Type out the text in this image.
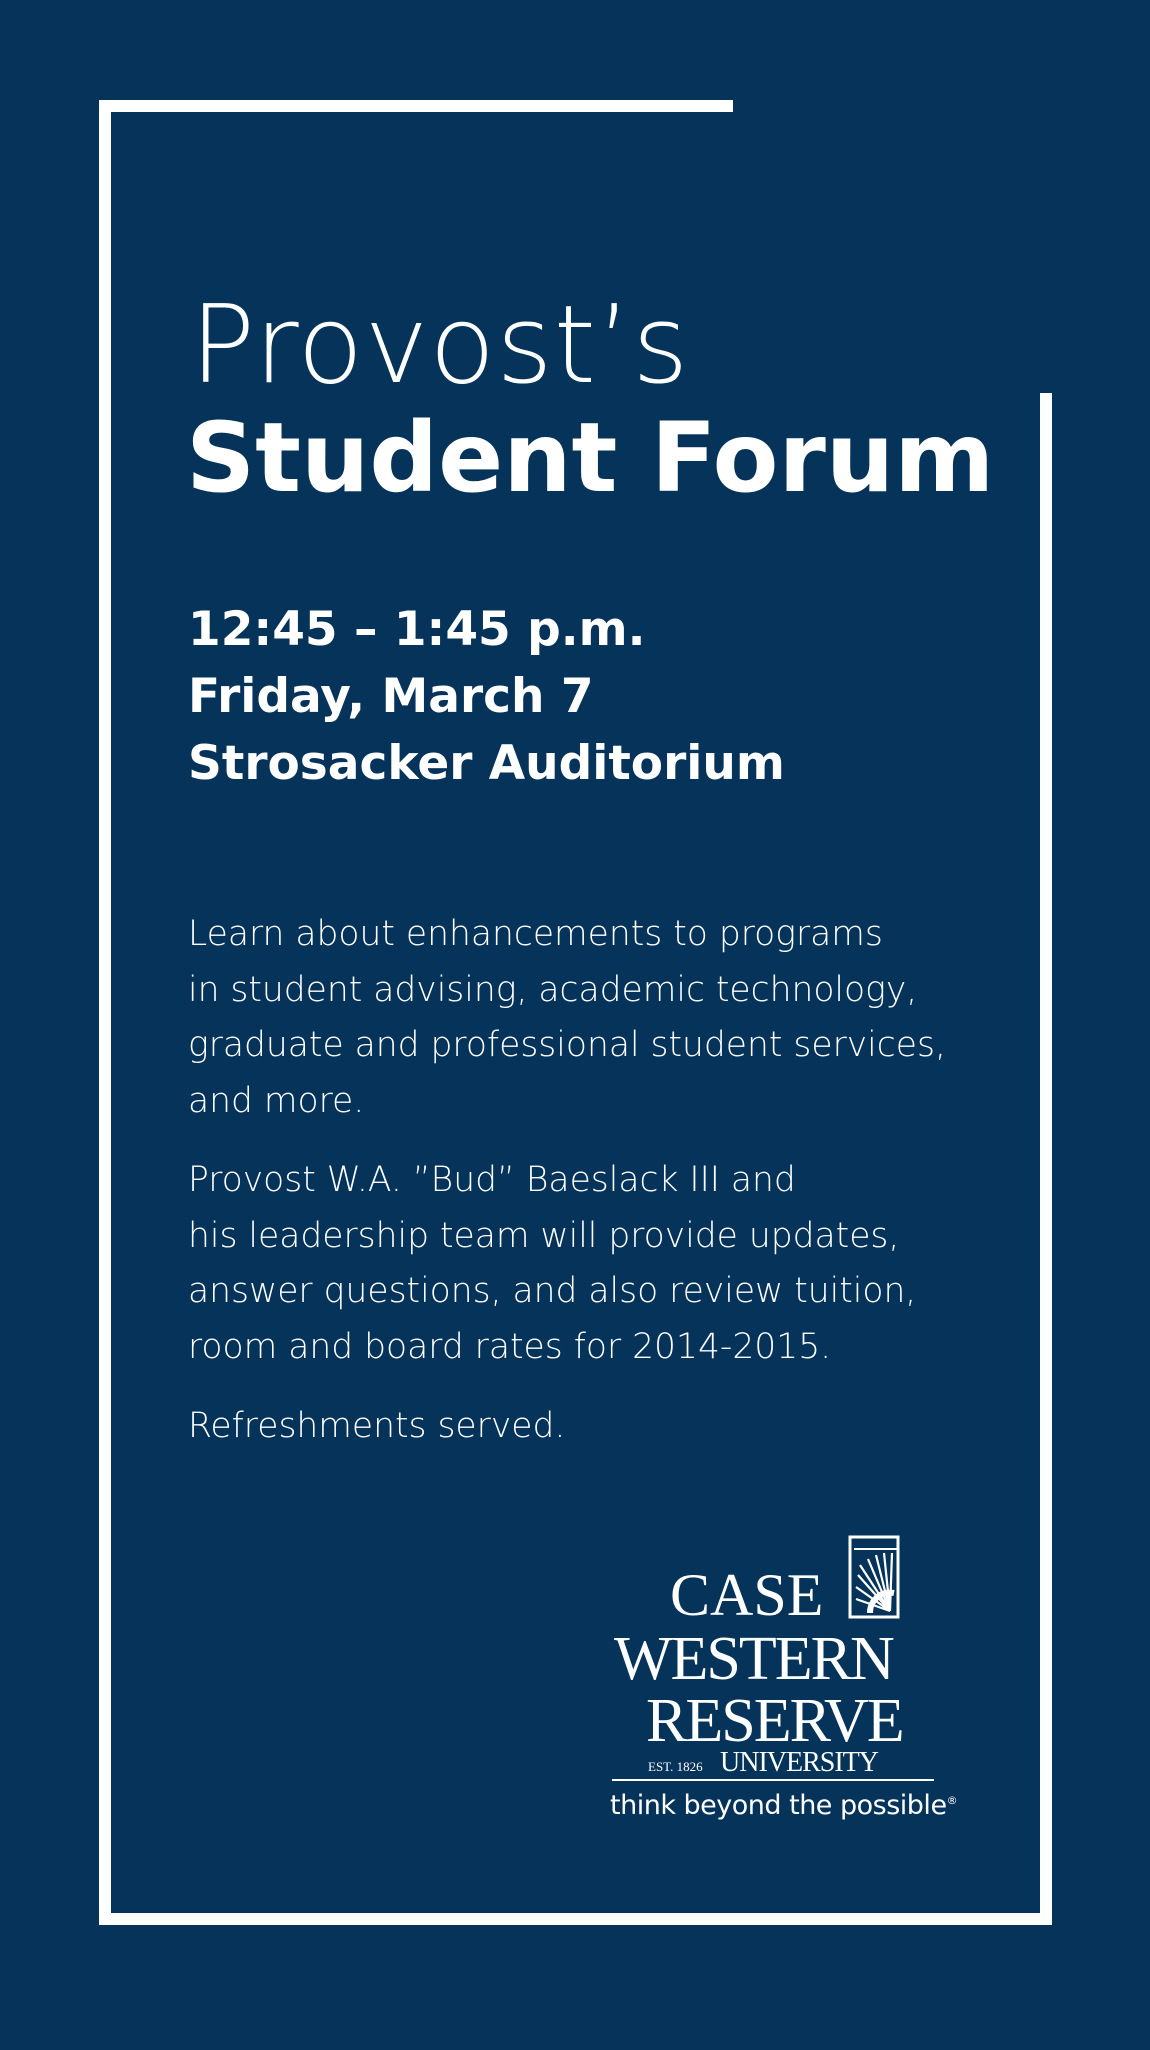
Provost’s
Student Forum
12:45 – 1:45 p.m.
Friday, March 7
Strosacker Auditorium
Learn about enhancements to programs
in student advising, academic technology,
graduate and professional student services,
and more.
Provost W.A. ”Bud” Baeslack III and
his leadership team will provide updates,
answer questions, and also review tuition,
room and board rates for 2014-2015.
Refreshments served.
CASE
WESTERN
RESERVE
EST. 1826 UNIVERSITY
think beyond the possible®
